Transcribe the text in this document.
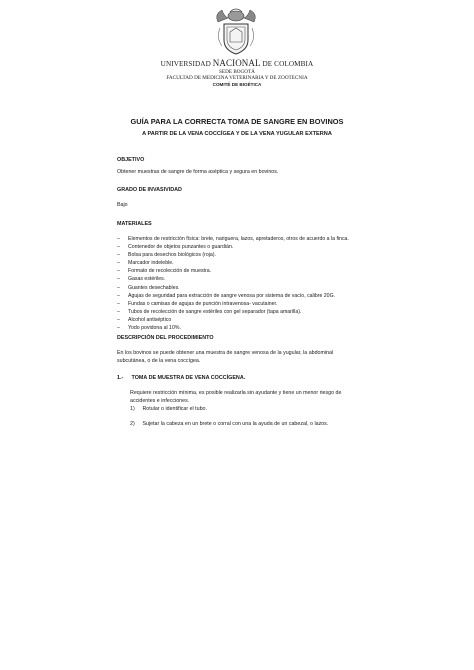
UNIVERSIDAD NACIONAL DE COLOMBIA
SEDE BOGOTÁ
FACULTAD DE MEDICINA VETERINARIA Y DE ZOOTECNIA
COMITÉ DE BIOÉTICA
GUÍA PARA LA CORRECTA TOMA DE SANGRE EN BOVINOS
A PARTIR DE LA VENA COCCÍGEA Y DE LA VENA YUGULAR EXTERNA
OBJETIVO
Obtener muestras de sangre de forma aséptica y segura en bovinos.
GRADO DE INVASIVIDAD
Bajo
MATERIALES
– Elementos de restricción física: brete, nariguera, lazos, apretaderos, otros de acuerdo a la finca.
– Contenedor de objetos punzantes o guardián.
– Bolsa para desechos biológicos (roja).
– Marcador indeleble.
– Formato de recolección de muestra.
– Gasas estériles.
– Guantes desechables.
– Agujas de seguridad para extracción de sangre venosa por sistema de vacío, calibre 20G.
– Fundas o camisas de agujas de punción intravenosa- vacutainer.
– Tubos de recolección de sangre estériles con gel separador (tapa amarilla).
– Alcohol antiséptico
– Yodo povidona al 10%.
DESCRIPCIÓN DEL PROCEDIMIENTO
En los bovinos se puede obtener una muestra de sangre venosa de la yugular, la abdominal
subcutánea, o de la vena coccígea.
1.- TOMA DE MUESTRA DE VENA COCCÍGENA.
Requiere restricción mínima, es posible realizarla sin ayudante y tiene un menor riesgo de
accidentes e infecciones.
1) Rotular o identificar el tubo.
2) Sujetar la cabeza en un brete o corral con una la ayuda de un cabezal, o lazos.
